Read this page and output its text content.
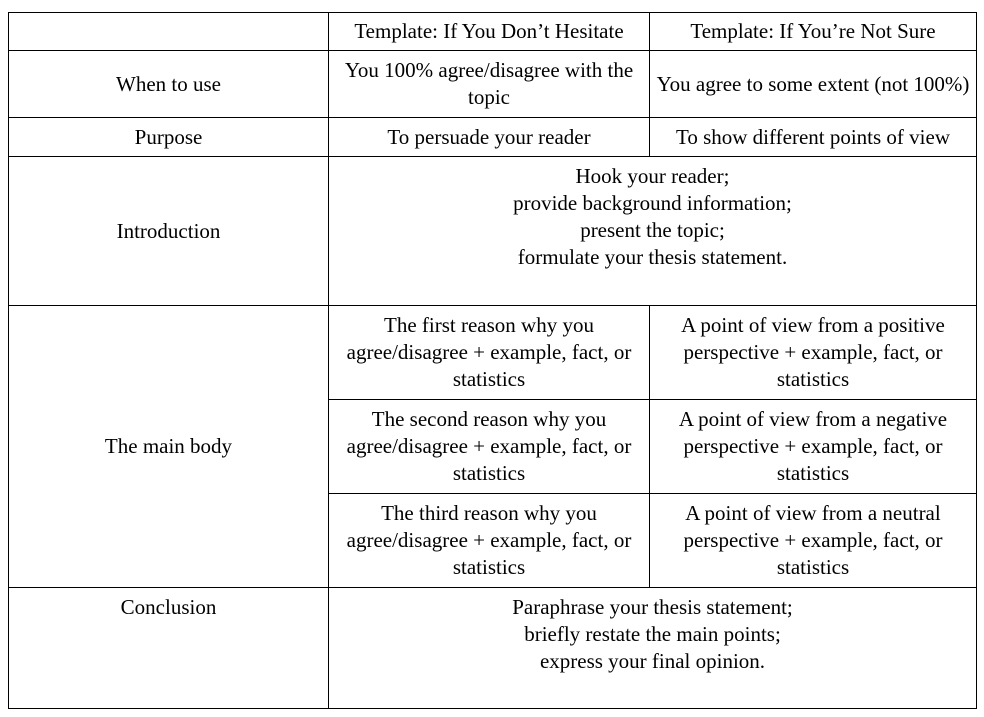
	Template: If You Don’t Hesitate	Template: If You’re Not Sure
When to use	You 100% agree/disagree with the topic	You agree to some extent (not 100%)
Purpose	To persuade your reader	To show different points of view
Introduction	Hook your reader;
provide background information;
present the topic;
formulate your thesis statement.	

The main body	The first reason why you agree/disagree + example, fact, or statistics	A point of view from a positive perspective + example, fact, or statistics
	The second reason why you agree/disagree + example, fact, or statistics	A point of view from a negative perspective + example, fact, or statistics
	The third reason why you agree/disagree + example, fact, or statistics	A point of view from a neutral perspective + example, fact, or statistics
Conclusion	Paraphrase your thesis statement;
briefly restate the main points;
express your final opinion.	
